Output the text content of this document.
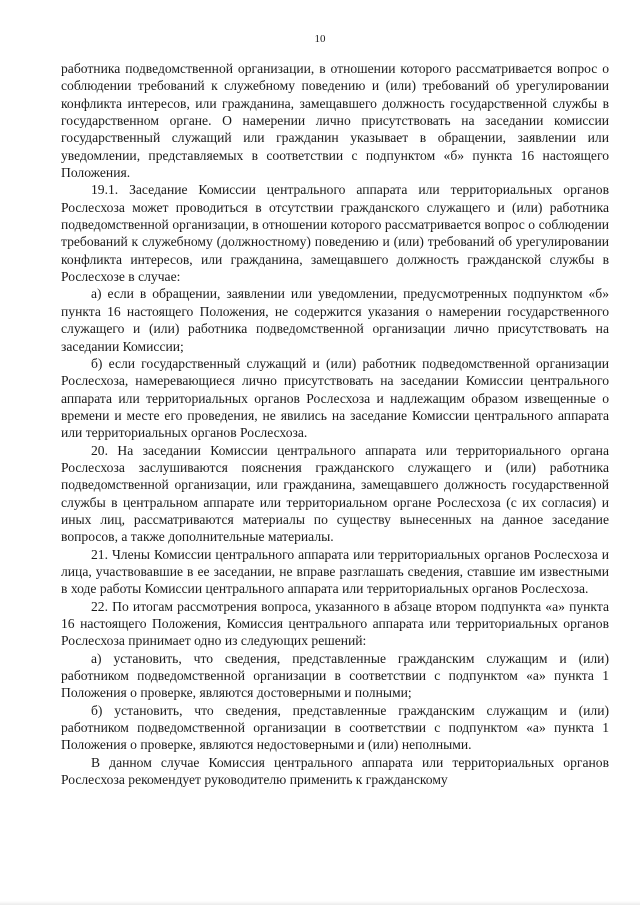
10

работника подведомственной организации, в отношении которого рассматривается вопрос о соблюдении требований к служебному поведению и (или) требований об урегулировании конфликта интересов, или гражданина, замещавшего должность государственной службы в государственном органе. О намерении лично присутствовать на заседании комиссии государственный служащий или гражданин указывает в обращении, заявлении или уведомлении, представляемых в соответствии с подпунктом «б» пункта 16 настоящего Положения.

19.1. Заседание Комиссии центрального аппарата или территориальных органов Рослесхоза может проводиться в отсутствии гражданского служащего и (или) работника подведомственной организации, в отношении которого рассматривается вопрос о соблюдении требований к служебному (должностному) поведению и (или) требований об урегулировании конфликта интересов, или гражданина, замещавшего должность гражданской службы в Рослесхозе в случае:

а) если в обращении, заявлении или уведомлении, предусмотренных подпунктом «б» пункта 16 настоящего Положения, не содержится указания о намерении государственного служащего и (или) работника подведомственной организации лично присутствовать на заседании Комиссии;

б) если государственный служащий и (или) работник подведомственной организации Рослесхоза, намеревающиеся лично присутствовать на заседании Комиссии центрального аппарата или территориальных органов Рослесхоза и надлежащим образом извещенные о времени и месте его проведения, не явились на заседание Комиссии центрального аппарата или территориальных органов Рослесхоза.

20. На заседании Комиссии центрального аппарата или территориального органа Рослесхоза заслушиваются пояснения гражданского служащего и (или) работника подведомственной организации, или гражданина, замещавшего должность государственной службы в центральном аппарате или территориальном органе Рослесхоза (с их согласия) и иных лиц, рассматриваются материалы по существу вынесенных на данное заседание вопросов, а также дополнительные материалы.

21. Члены Комиссии центрального аппарата или территориальных органов Рослесхоза и лица, участвовавшие в ее заседании, не вправе разглашать сведения, ставшие им известными в ходе работы Комиссии центрального аппарата или территориальных органов Рослесхоза.

22. По итогам рассмотрения вопроса, указанного в абзаце втором подпункта «а» пункта 16 настоящего Положения, Комиссия центрального аппарата или территориальных органов Рослесхоза принимает одно из следующих решений:

а) установить, что сведения, представленные гражданским служащим и (или) работником подведомственной организации в соответствии с подпунктом «а» пункта 1 Положения о проверке, являются достоверными и полными;

б) установить, что сведения, представленные гражданским служащим и (или) работником подведомственной организации в соответствии с подпунктом «а» пункта 1 Положения о проверке, являются недостоверными и (или) неполными.

В данном случае Комиссия центрального аппарата или территориальных органов Рослесхоза рекомендует руководителю применить к гражданскому
